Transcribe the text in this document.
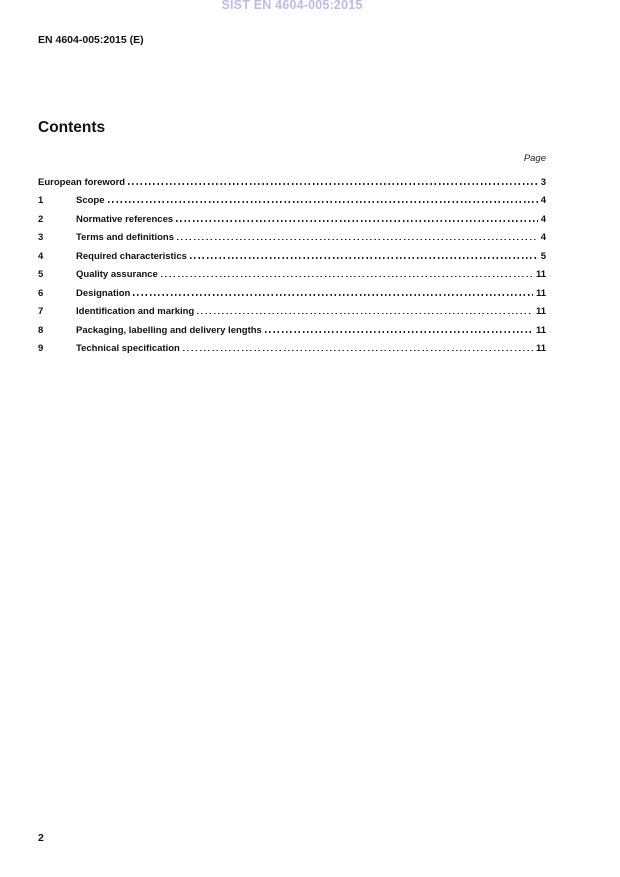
SIST EN 4604-005:2015
EN 4604-005:2015 (E)
Contents
Page
European foreword	3
1	Scope	4
2	Normative references	4
3	Terms and definitions	4
4	Required characteristics	5
5	Quality assurance	11
6	Designation	11
7	Identification and marking	11
8	Packaging, labelling and delivery lengths	11
9	Technical specification	11
2
